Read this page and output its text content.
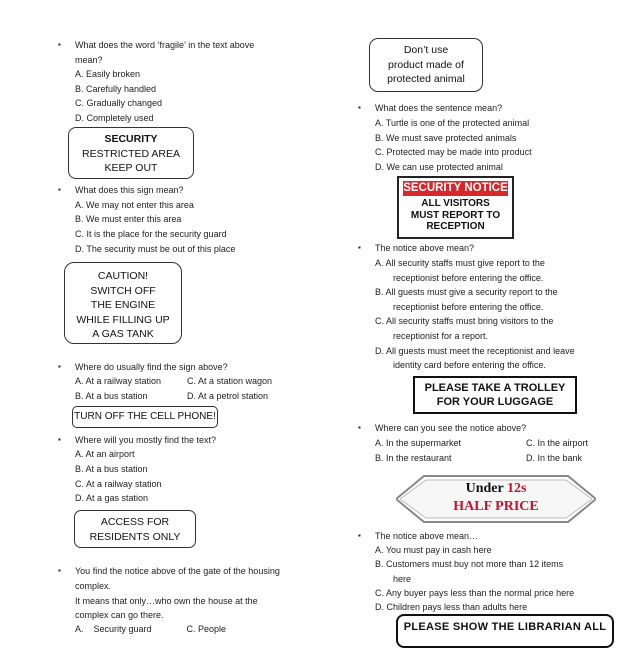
▪ What does the word ‘fragile’ in the text above
mean?
A. Easily broken
B. Carefully handled
C. Gradually changed
D. Completely used
SECURITY
RESTRICTED AREA
KEEP OUT
▪ What does this sign mean?
A. We may not enter this area
B. We must enter this area
C. It is the place for the security guard
D. The security must be out of this place
CAUTION!
SWITCH OFF
THE ENGINE
WHILE FILLING UP
A GAS TANK
▪ Where do usually find the sign above?
A. At a railway station	C. At a station wagon
B. At a bus station	D. At a petrol station
TURN OFF THE CELL PHONE!
▪ Where will you mostly find the text?
A. At an airport
B. At a bus station
C. At a railway station
D. At a gas station
ACCESS FOR
RESIDENTS ONLY
▪ You find the notice above of the gate of the housing
complex.
It means that only…who own the house at the
complex can go there.
A.    Security guard              C. People
Don’t use
product made of
protected animal
▪ What does the sentence mean?
A. Turtle is one of the protected animal
B. We must save protected animals
C. Protected may be made into product
D. We can use protected animal
SECURITY NOTICE
ALL VISITORS
MUST REPORT TO
RECEPTION
▪ The notice above mean?
A. All security staffs must give report to the
receptionist before entering the office.
B. All guests must give a security report to the
receptionist before entering the office.
C. All security staffs must bring visitors to the
receptionist for a report.
D. All guests must meet the receptionist and leave
identity card before entering the office.
PLEASE TAKE A TROLLEY
FOR YOUR LUGGAGE
▪ Where can you see the notice above?
A. In the supermarket	C. In the airport
B. In the restaurant	D. In the bank
Under 12s
HALF PRICE
▪ The notice above mean…
A. You must pay in cash here
B. Customers must buy not more than 12 items
here
C. Any buyer pays less than the normal price here
D. Children pays less than adults here
PLEASE SHOW THE LIBRARIAN ALL
